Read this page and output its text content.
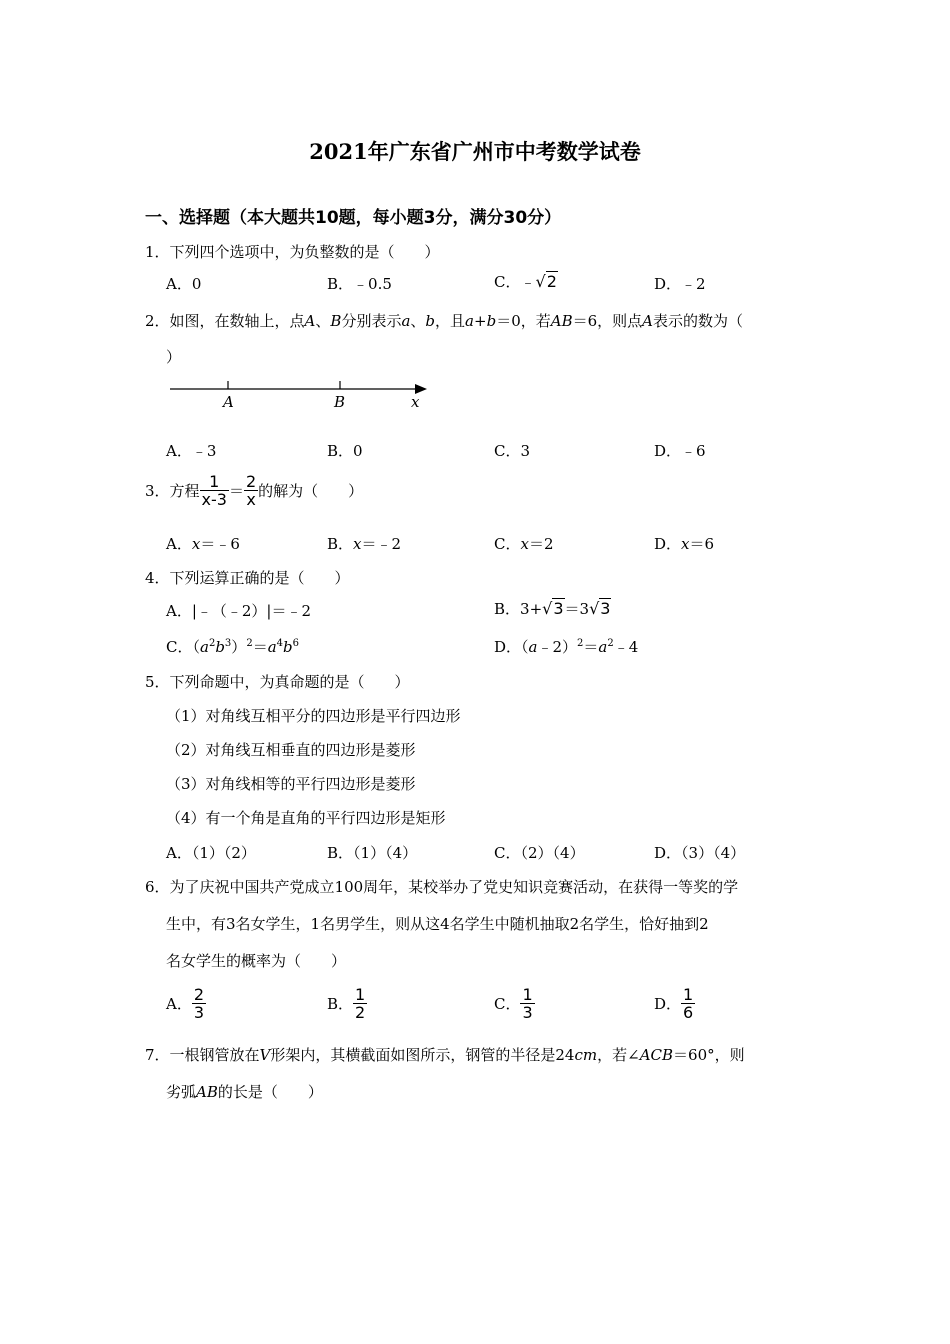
2021年广东省广州市中考数学试卷
一、选择题（本大题共10题，每小题3分，满分30分）
1．下列四个选项中，为负整数的是（　　）
A．0	B．﹣0.5	C．﹣√2	D．﹣2
2．如图，在数轴上，点A、B分别表示a、b，且a+b＝0，若AB＝6，则点A表示的数为（
）
A	B	x
A．﹣3	B．0	C．3	D．﹣6
3．方程 $\frac{1}{x-3} = \frac{2}{x}$ 的解为（　　）
A．x＝﹣6	B．x＝﹣2	C．x＝2	D．x＝6
4．下列运算正确的是（　　）
A．|﹣（﹣2）|＝﹣2	B．3+√3＝3√3
C．$(a^2b^3)^2=a^4b^6$	D．$(a﹣2)^2=a^2﹣4$
5．下列命题中，为真命题的是（　　）
（1）对角线互相平分的四边形是平行四边形
（2）对角线互相垂直的四边形是菱形
（3）对角线相等的平行四边形是菱形
（4）有一个角是直角的平行四边形是矩形
A．（1）（2）	B．（1）（4）	C．（2）（4）	D．（3）（4）
6．为了庆祝中国共产党成立100周年，某校举办了党史知识竞赛活动，在获得一等奖的学
生中，有3名女学生，1名男学生，则从这4名学生中随机抽取2名学生，恰好抽到2
名女学生的概率为（　　）
A． $\frac{2}{3}$	B． $\frac{1}{2}$	C． $\frac{1}{3}$	D． $\frac{1}{6}$
7．一根钢管放在V形架内，其横截面如图所示，钢管的半径是24cm，若∠ACB＝60°，则
劣弧AB的长是（　　）
